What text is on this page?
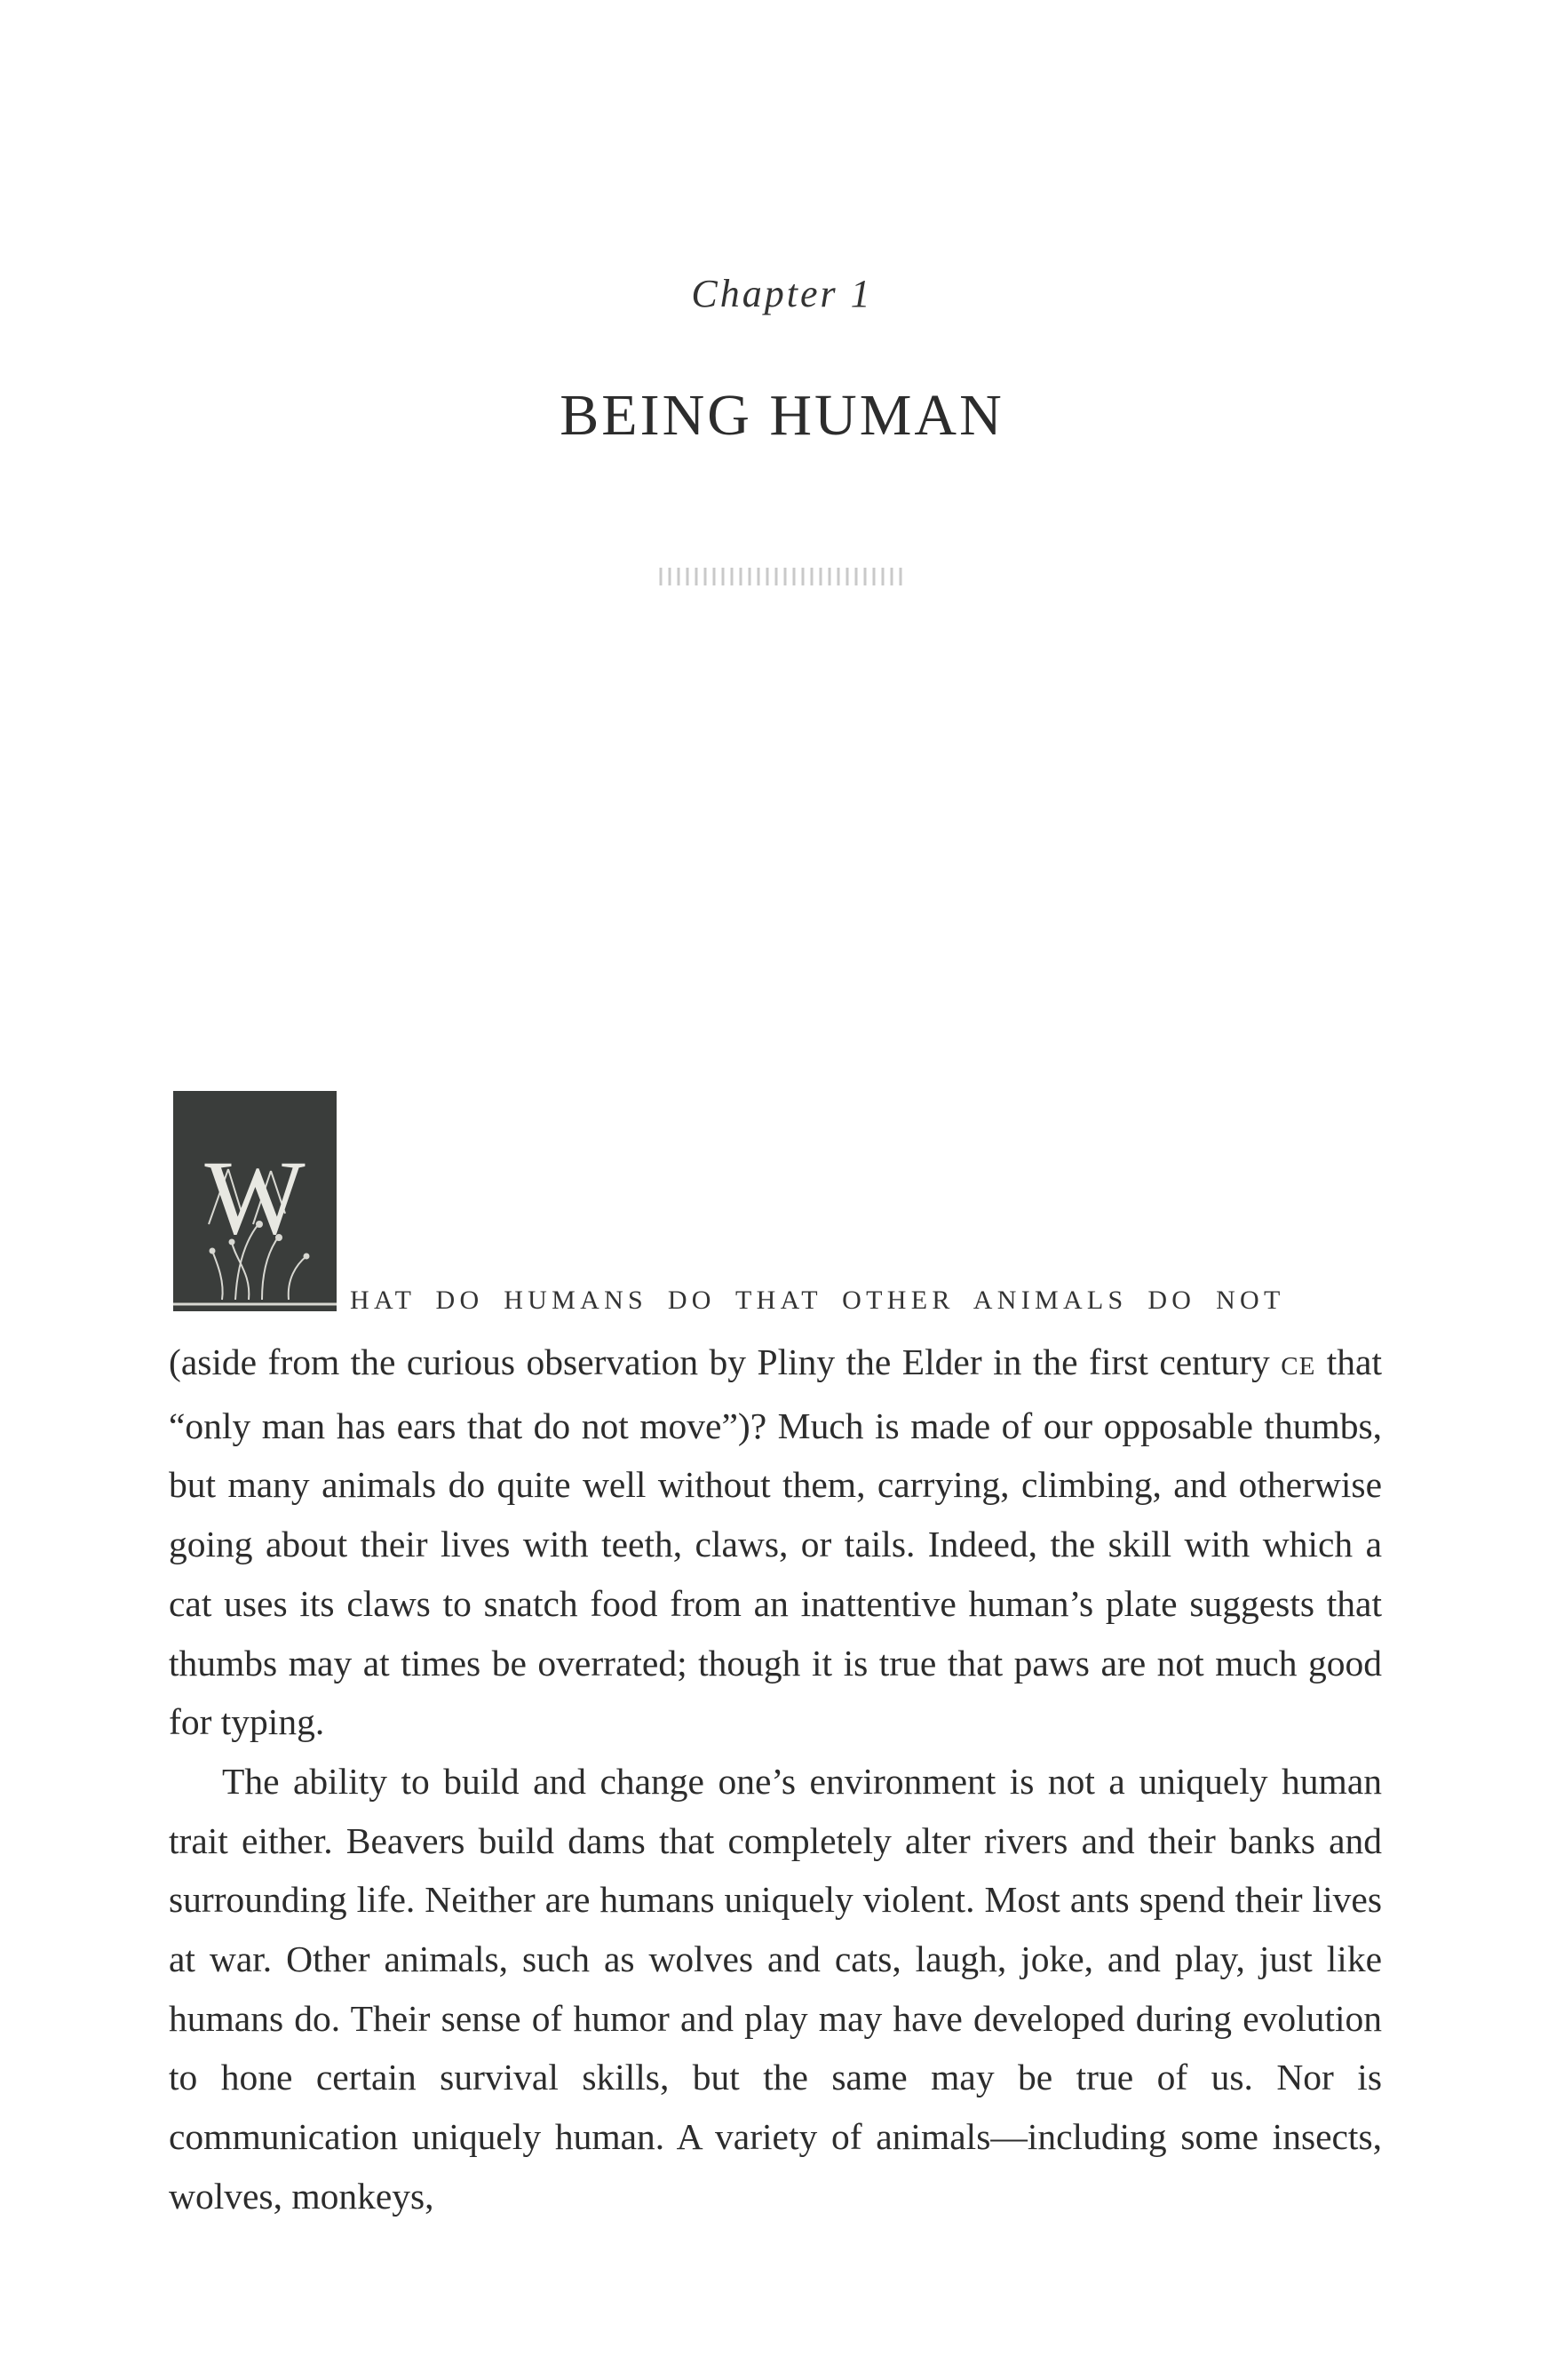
Chapter 1
BEING HUMAN
W
HAT DO HUMANS DO THAT OTHER ANIMALS DO NOT

(aside from the curious observation by Pliny the Elder in the first century CE that “only man has ears that do not move”)? Much is made of our opposable thumbs, but many animals do quite well without them, carrying, climbing, and otherwise going about their lives with teeth, claws, or tails. Indeed, the skill with which a cat uses its claws to snatch food from an inattentive human’s plate suggests that thumbs may at times be overrated; though it is true that paws are not much good for typing.

The ability to build and change one’s environment is not a uniquely human trait either. Beavers build dams that completely alter rivers and their banks and surrounding life. Neither are humans uniquely violent. Most ants spend their lives at war. Other animals, such as wolves and cats, laugh, joke, and play, just like humans do. Their sense of humor and play may have developed during evolution to hone certain survival skills, but the same may be true of us. Nor is communication uniquely human. A variety of animals—including some insects, wolves, monkeys,
